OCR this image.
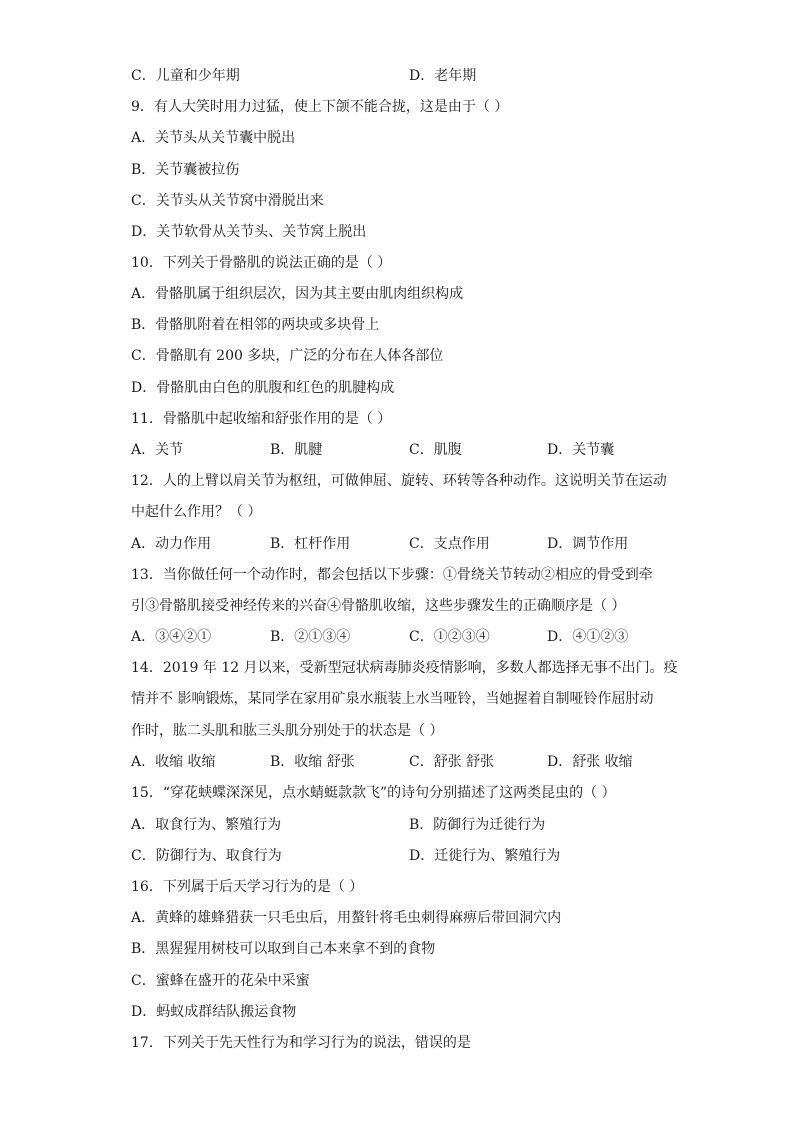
C．儿童和少年期	D．老年期
9．有人大笑时用力过猛，使上下颌不能合拢，这是由于（ ）
A．关节头从关节囊中脱出
B．关节囊被拉伤
C．关节头从关节窝中滑脱出来
D．关节软骨从关节头、关节窝上脱出
10．下列关于骨骼肌的说法正确的是（ ）
A．骨骼肌属于组织层次，因为其主要由肌肉组织构成
B．骨骼肌附着在相邻的两块或多块骨上
C．骨骼肌有 200 多块，广泛的分布在人体各部位
D．骨骼肌由白色的肌腹和红色的肌腱构成
11．骨骼肌中起收缩和舒张作用的是（ ）
A．关节	B．肌腱	C．肌腹	D．关节囊
12．人的上臂以肩关节为枢纽，可做伸屈、旋转、环转等各种动作。这说明关节在运动
中起什么作用？（ ）
A．动力作用	B．杠杆作用	C．支点作用	D．调节作用
13．当你做任何一个动作时，都会包括以下步骤：①骨绕关节转动②相应的骨受到牵
引③骨骼肌接受神经传来的兴奋④骨骼肌收缩，这些步骤发生的正确顺序是（ ）
A．③④②①	B．②①③④	C．①②③④	D．④①②③
14．2019 年 12 月以来，受新型冠状病毒肺炎疫情影响，多数人都选择无事不出门。疫
情并不 影响锻炼，某同学在家用矿泉水瓶装上水当哑铃，当她握着自制哑铃作屈肘动
作时，肱二头肌和肱三头肌分别处于的状态是（ ）
A．收缩 收缩	B．收缩 舒张	C．舒张 舒张	D．舒张 收缩
15．“穿花蛱蝶深深见，点水蜻蜓款款飞”的诗句分别描述了这两类昆虫的（ ）
A．取食行为、繁殖行为	B．防御行为迁徙行为
C．防御行为、取食行为	D．迁徙行为、繁殖行为
16．下列属于后天学习行为的是（ ）
A．黄蜂的雄蜂猎获一只毛虫后，用螯针将毛虫刺得麻痹后带回洞穴内
B．黑猩猩用树枝可以取到自己本来拿不到的食物
C．蜜蜂在盛开的花朵中采蜜
D．蚂蚁成群结队搬运食物
17．下列关于先天性行为和学习行为的说法，错误的是
